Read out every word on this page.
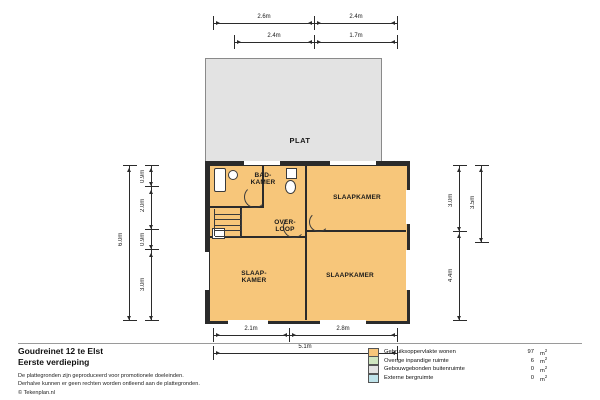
2.6m	2.4m
2.4m	1.7m
PLAT
BAD-
KAMER
OVER-
LOOP
SLAAPKAMER
SLAAP-
KAMER
SLAAPKAMER
0.9m
2.0m
0.9m
3.0m
6.0m
3.0m
4.4m
3.5m
2.1m	2.8m
5.1m
Goudreinet 12 te Elst
Eerste verdieping
De plattegronden zijn geproduceerd voor promotionele doeleinden.
Derhalve kunnen er geen rechten worden ontleend aan de plattegronden.
© Tekenplan.nl
Gebruiksoppervlakte wonen	97 $m^2$
Overige inpandige ruimte	6 $m^2$
Gebouwgebonden buitenruimte	0 $m^2$
Externe bergruimte	0 $m^2$
